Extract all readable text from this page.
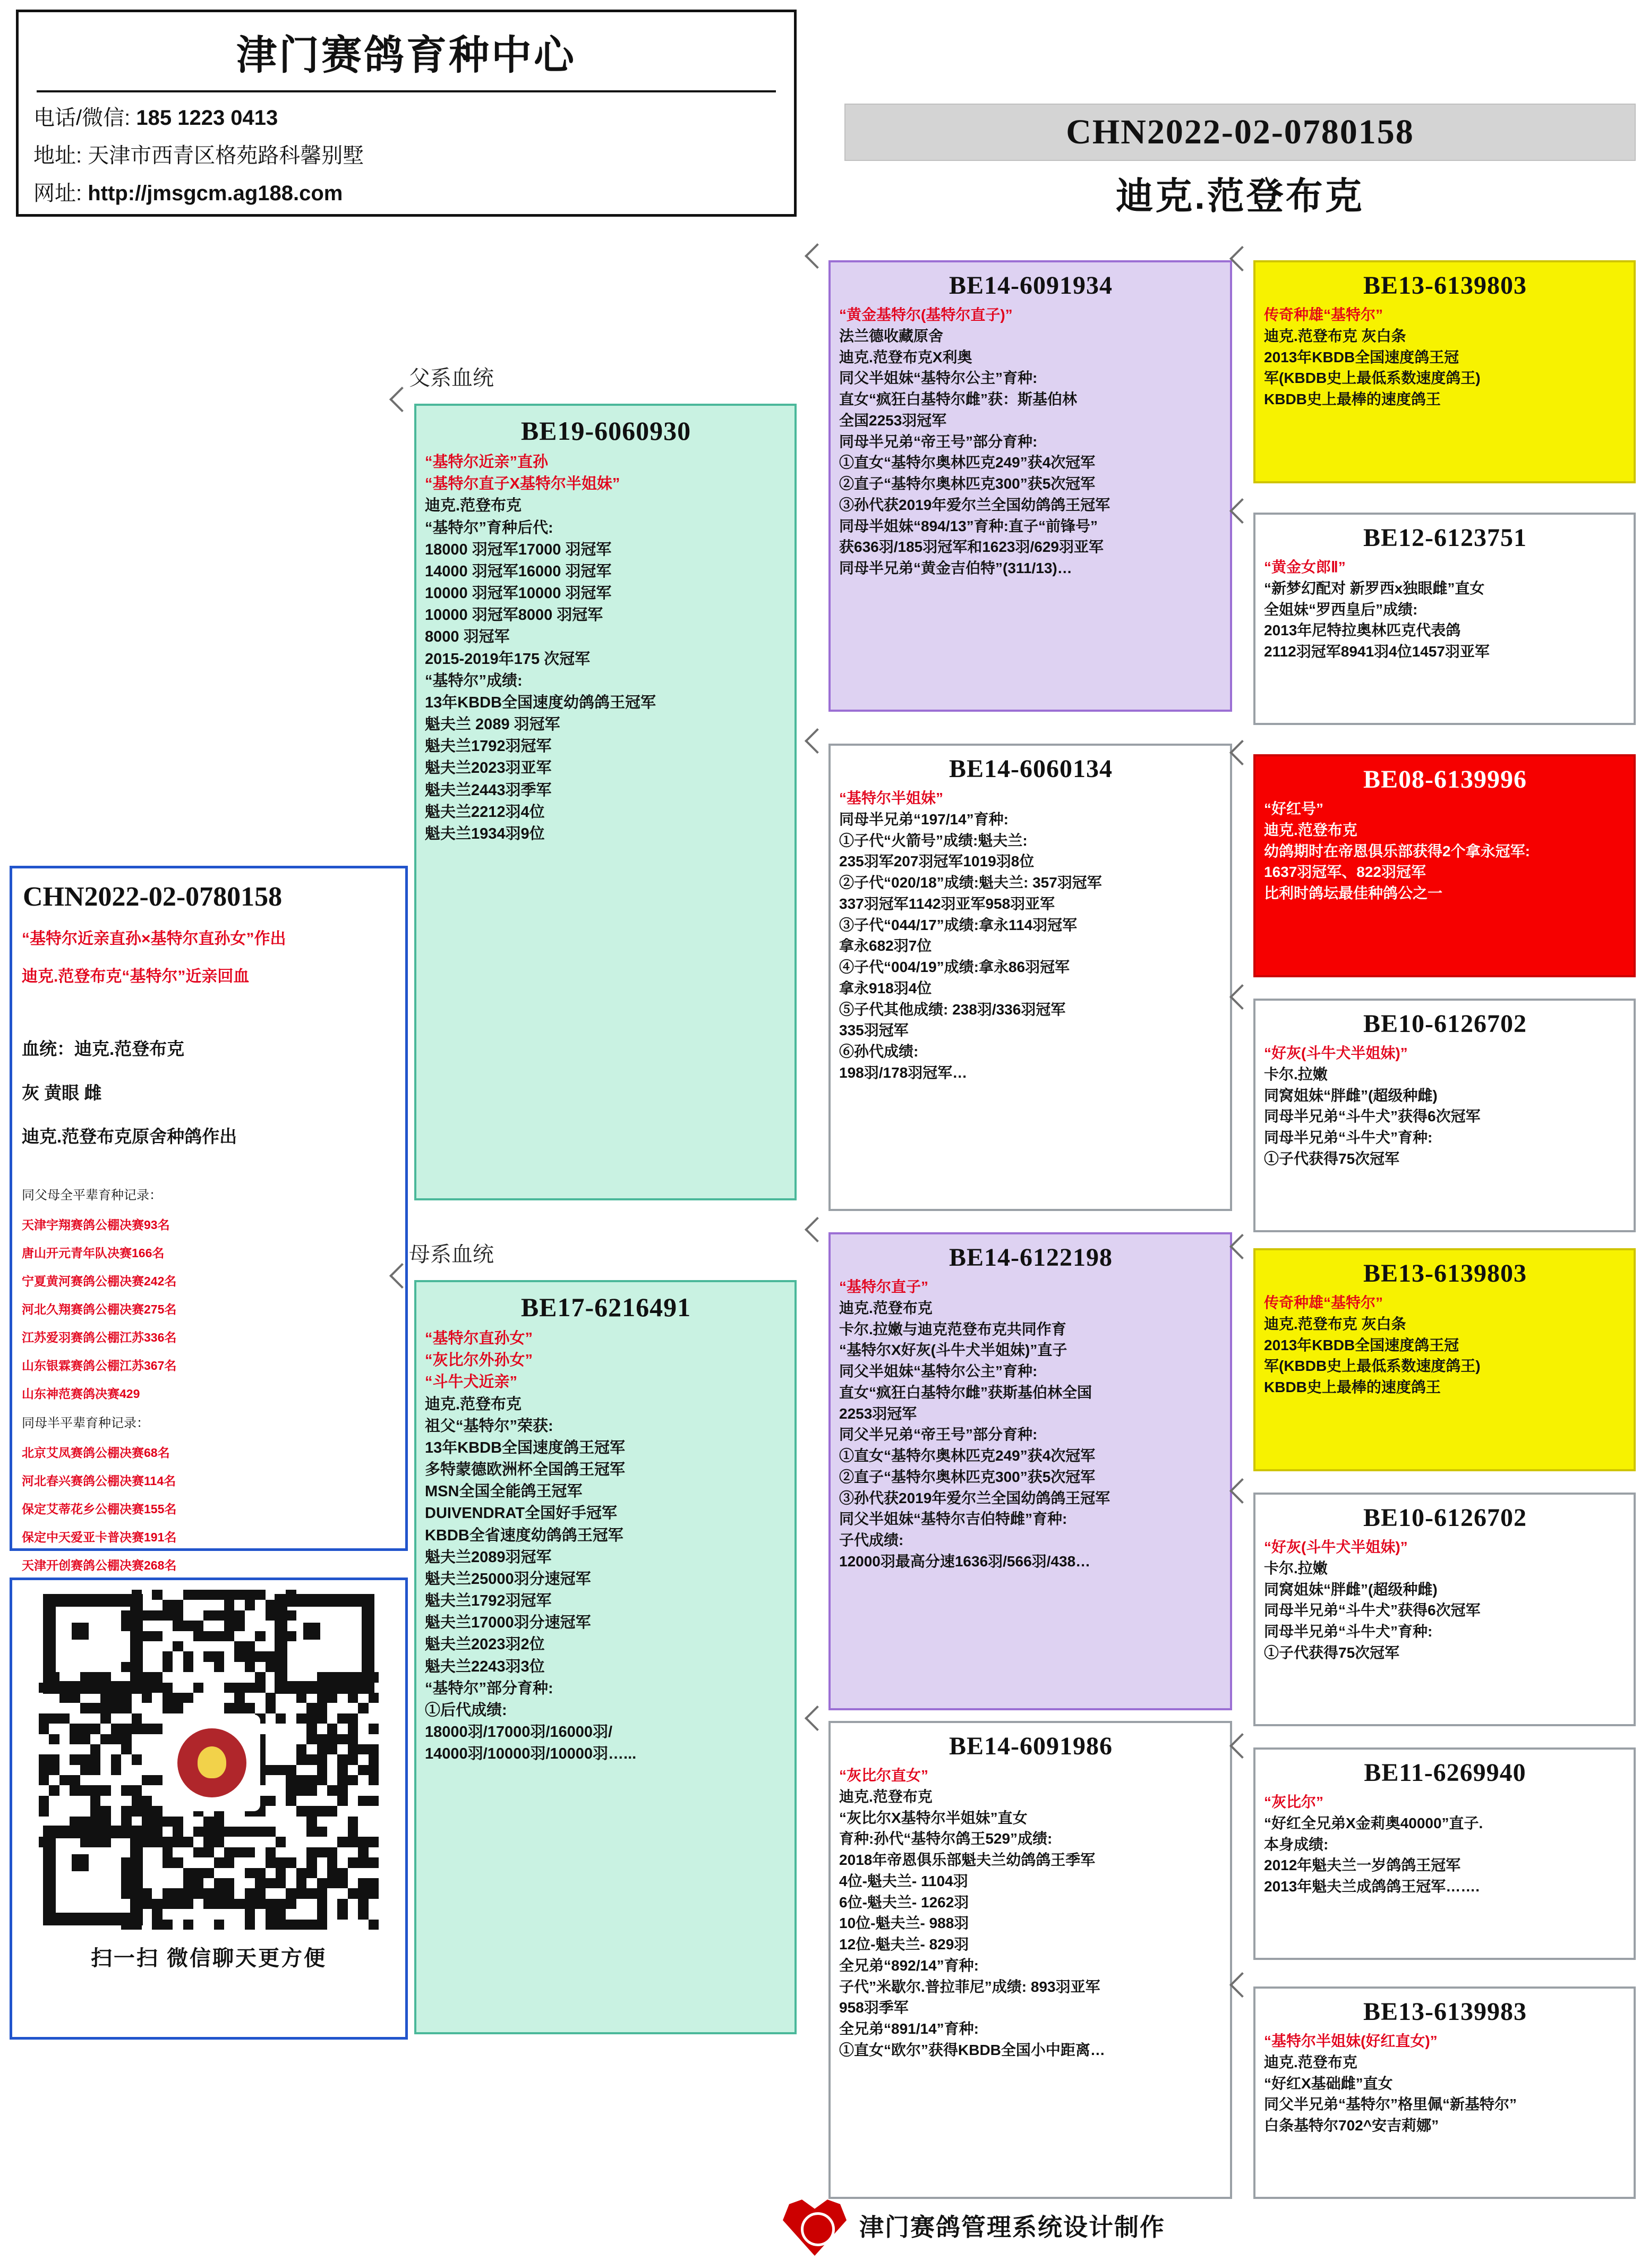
津门赛鸽育种中心
电话/微信: 185 1223 0413
地址: 天津市西青区格苑路科馨别墅
网址: http://jmsgcm.ag188.com
CHN2022-02-0780158
迪克.范登布克
父系血统
母系血统
CHN2022-02-0780158

“基特尔近亲直孙×基特尔直孙女”作出

迪克.范登布克“基特尔”近亲回血

血统：迪克.范登布克

灰 黄眼 雌

迪克.范登布克原舍种鸽作出

同父母全平辈育种记录：

天津宇翔赛鸽公棚决赛93名

唐山开元青年队决赛166名

宁夏黄河赛鸽公棚决赛242名

河北久翔赛鸽公棚决赛275名

江苏爱羽赛鸽公棚江苏336名

山东银霖赛鸽公棚江苏367名

山东神范赛鸽决赛429

同母半平辈育种记录：

北京艾凤赛鸽公棚决赛68名

河北春兴赛鸽公棚决赛114名

保定艾蒂花乡公棚决赛155名

保定中天爱亚卡普决赛191名

天津开创赛鸽公棚决赛268名

扫一扫 微信聊天更方便
BE19-6060930

“基特尔近亲”直孙

“基特尔直子X基特尔半姐妹”

迪克.范登布克

“基特尔”育种后代:

18000 羽冠军17000 羽冠军

14000 羽冠军16000 羽冠军

10000 羽冠军10000 羽冠军

10000 羽冠军8000 羽冠军

8000 羽冠军

2015-2019年175 次冠军

“基特尔”成绩:

13年KBDB全国速度幼鸽鸽王冠军

魁夫兰 2089 羽冠军

魁夫兰1792羽冠军

魁夫兰2023羽亚军

魁夫兰2443羽季军

魁夫兰2212羽4位

魁夫兰1934羽9位

BE17-6216491

“基特尔直孙女”

“灰比尔外孙女”

“斗牛犬近亲”

迪克.范登布克

祖父“基特尔”荣获:

13年KBDB全国速度鸽王冠军

多特蒙德欧洲杯全国鸽王冠军

MSN全国全能鸽王冠军

DUIVENDRAT全国好手冠军

KBDB全省速度幼鸽鸽王冠军

魁夫兰2089羽冠军

魁夫兰25000羽分速冠军

魁夫兰1792羽冠军

魁夫兰17000羽分速冠军

魁夫兰2023羽2位

魁夫兰2243羽3位

“基特尔”部分育种:

①后代成绩:

18000羽/17000羽/16000羽/

14000羽/10000羽/10000羽…...

BE14-6091934

“黄金基特尔(基特尔直子)”

法兰德收藏原舍

迪克.范登布克X利奥

同父半姐妹“基特尔公主”育种:

直女“疯狂白基特尔雌”获：斯基伯林

全国2253羽冠军

同母半兄弟“帝王号”部分育种:

①直女“基特尔奥林匹克249”获4次冠军

②直子“基特尔奥林匹克300”获5次冠军

③孙代获2019年爱尔兰全国幼鸽鸽王冠军

同母半姐妹“894/13”育种:直子“前锋号”

获636羽/185羽冠军和1623羽/629羽亚军

同母半兄弟“黄金吉伯特”(311/13)…

BE14-6060134

“基特尔半姐妹”

同母半兄弟“197/14”育种:

①子代“火箭号”成绩:魁夫兰:

235羽军207羽冠军1019羽8位

②子代“020/18”成绩:魁夫兰: 357羽冠军

337羽冠军1142羽亚军958羽亚军

③子代“044/17”成绩:拿永114羽冠军

拿永682羽7位

④子代“004/19”成绩:拿永86羽冠军

拿永918羽4位

⑤子代其他成绩: 238羽/336羽冠军

335羽冠军

⑥孙代成绩:

198羽/178羽冠军…

BE14-6122198

“基特尔直子”

迪克.范登布克

卡尔.拉嫩与迪克范登布克共同作育

“基特尔X好灰(斗牛犬半姐妹)”直子

同父半姐妹“基特尔公主”育种:

直女“疯狂白基特尔雌”获斯基伯林全国

2253羽冠军

同父半兄弟“帝王号”部分育种:

①直女“基特尔奥林匹克249”获4次冠军

②直子“基特尔奥林匹克300”获5次冠军

③孙代获2019年爱尔兰全国幼鸽鸽王冠军

同父半姐妹“基特尔吉伯特雌”育种:

子代成绩:

12000羽最高分速1636羽/566羽/438…

BE14-6091986

“灰比尔直女”

迪克.范登布克

“灰比尔X基特尔半姐妹”直女

育种:孙代“基特尔鸽王529”成绩:

2018年帝恩俱乐部魁夫兰幼鸽鸽王季军

4位-魁夫兰- 1104羽

6位-魁夫兰- 1262羽

10位-魁夫兰- 988羽

12位-魁夫兰- 829羽

全兄弟“892/14”育种:

子代”米歇尔.普拉菲尼”成绩: 893羽亚军

958羽季军

全兄弟“891/14”育种:

①直女“欧尔”获得KBDB全国小中距离…

BE13-6139803

传奇种雄“基特尔”

迪克.范登布克 灰白条

2013年KBDB全国速度鸽王冠

军(KBDB史上最低系数速度鸽王)

KBDB史上最棒的速度鸽王

BE12-6123751

“黄金女郎Ⅱ”

“新梦幻配对 新罗西x独眼雌”直女

全姐妹“罗西皇后”成绩:

2013年尼特拉奥林匹克代表鸽

2112羽冠军8941羽4位1457羽亚军

BE08-6139996

“好红号”

迪克.范登布克

幼鸽期时在帝恩俱乐部获得2个拿永冠军:

1637羽冠军、822羽冠军

比利时鸽坛最佳种鸽公之一

BE10-6126702

“好灰(斗牛犬半姐妹)”

卡尔.拉嫩

同窝姐妹“胖雌”(超级种雌)

同母半兄弟“斗牛犬”获得6次冠军

同母半兄弟“斗牛犬”育种:

①子代获得75次冠军

BE13-6139803

传奇种雄“基特尔”

迪克.范登布克 灰白条

2013年KBDB全国速度鸽王冠

军(KBDB史上最低系数速度鸽王)

KBDB史上最棒的速度鸽王

BE10-6126702

“好灰(斗牛犬半姐妹)”

卡尔.拉嫩

同窝姐妹“胖雌”(超级种雌)

同母半兄弟“斗牛犬”获得6次冠军

同母半兄弟“斗牛犬”育种:

①子代获得75次冠军

BE11-6269940

“灰比尔”

“好红全兄弟X金莉奥40000”直子.

本身成绩:

2012年魁夫兰一岁鸽鸽王冠军

2013年魁夫兰成鸽鸽王冠军…….

BE13-6139983

“基特尔半姐妹(好红直女)”

迪克.范登布克

“好红X基础雌”直女

同父半兄弟“基特尔”格里佩“新基特尔”

白条基特尔702^安吉莉娜”

津门赛鸽管理系统设计制作
